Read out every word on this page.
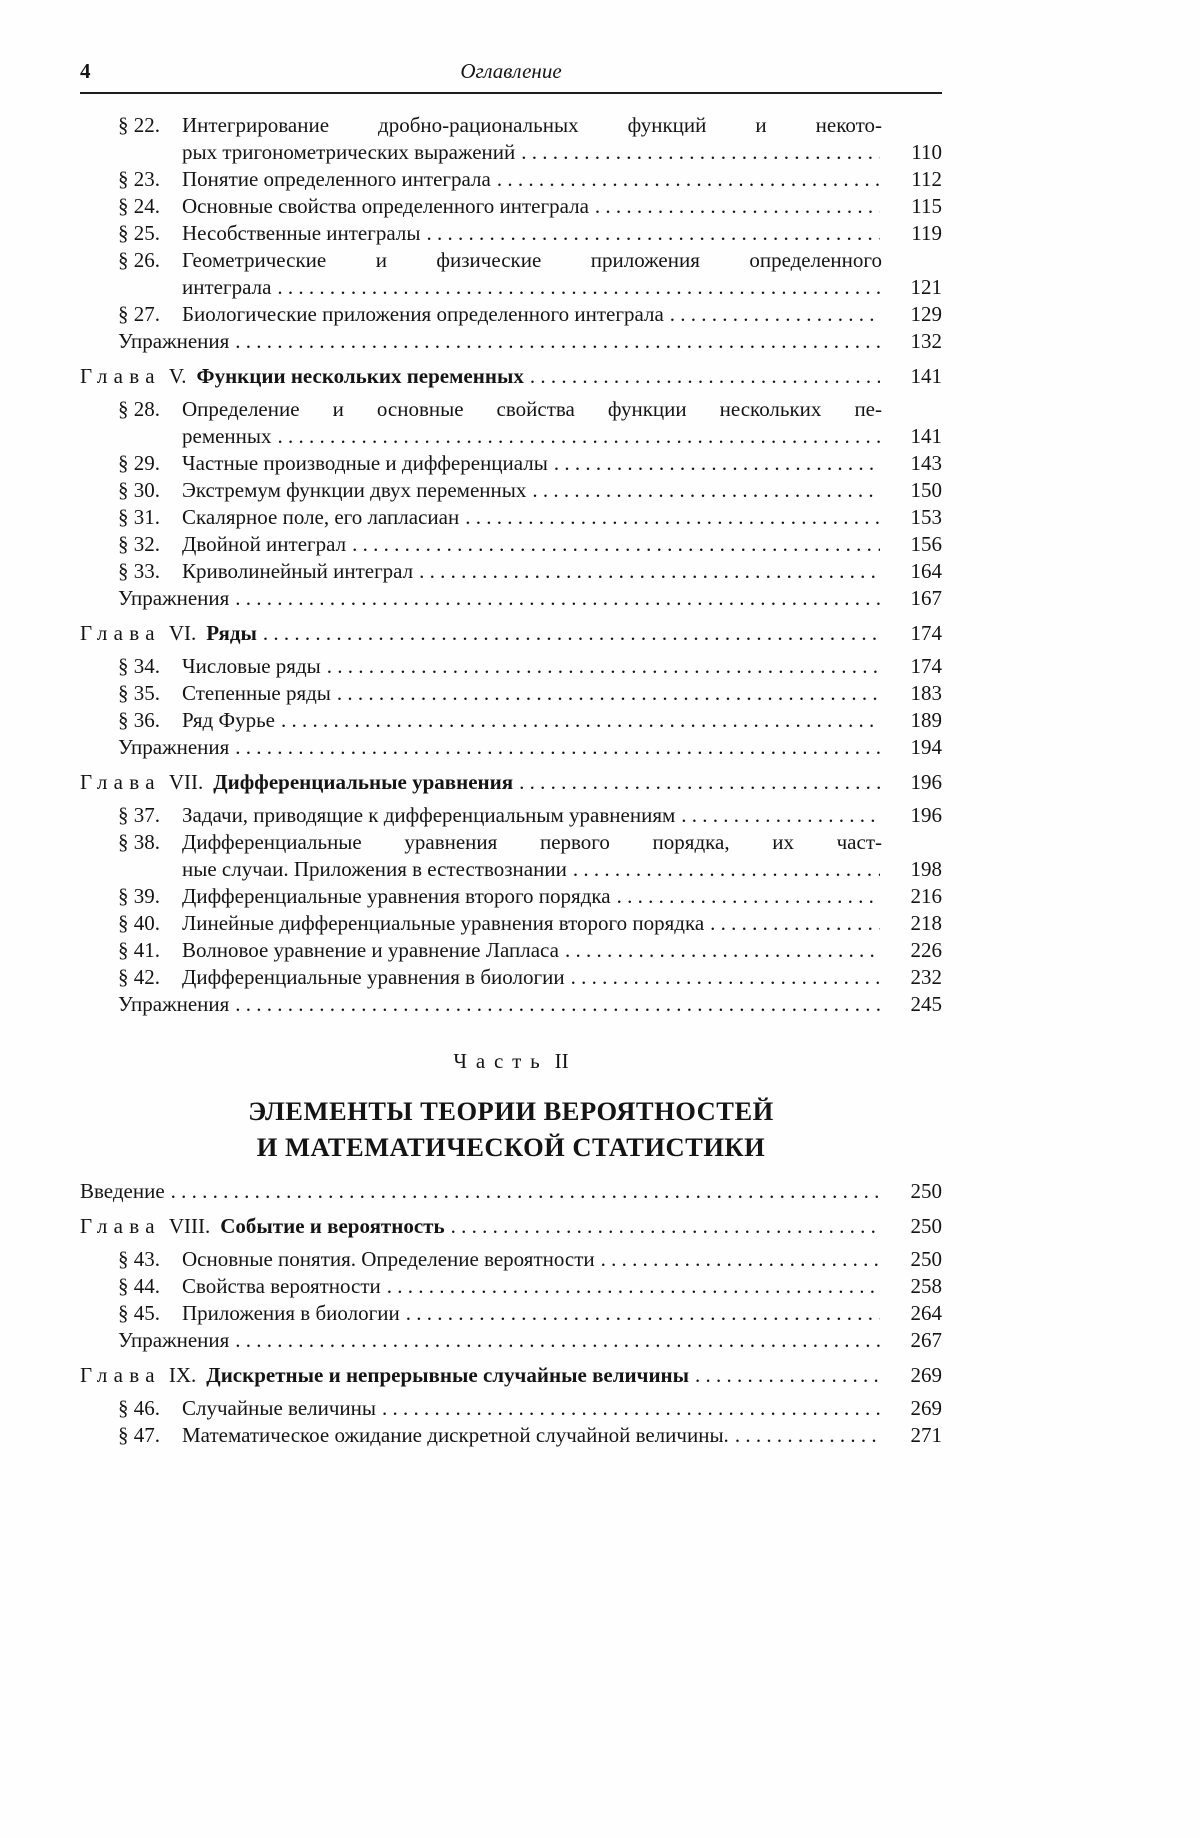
4	Оглавление
§ 22.	Интегрирование дробно-рациональных функций и некото-
рых тригонометрических выражений . . .	110
§ 23.	Понятие определенного интеграла . . .	112
§ 24.	Основные свойства определенного интеграла . . .	115
§ 25.	Несобственные интегралы . . .	119
§ 26.	Геометрические и физические приложения определенного
интеграла . . .	121
§ 27.	Биологические приложения определенного интеграла . . .	129
Упражнения . . .	132
Глава V. Функции нескольких переменных . . .	141
§ 28.	Определение и основные свойства функции нескольких пе-
ременных . . .	141
§ 29.	Частные производные и дифференциалы . . .	143
§ 30.	Экстремум функции двух переменных . . .	150
§ 31.	Скалярное поле, его лапласиан . . .	153
§ 32.	Двойной интеграл . . .	156
§ 33.	Криволинейный интеграл . . .	164
Упражнения . . .	167
Глава VI. Ряды . . .	174
§ 34.	Числовые ряды . . .	174
§ 35.	Степенные ряды . . .	183
§ 36.	Ряд Фурье . . .	189
Упражнения . . .	194
Глава VII. Дифференциальные уравнения . . .	196
§ 37.	Задачи, приводящие к дифференциальным уравнениям . . .	196
§ 38.	Дифференциальные уравнения первого порядка, их част-
ные случаи. Приложения в естествознании . . .	198
§ 39.	Дифференциальные уравнения второго порядка . . .	216
§ 40.	Линейные дифференциальные уравнения второго порядка . . .	218
§ 41.	Волновое уравнение и уравнение Лапласа . . .	226
§ 42.	Дифференциальные уравнения в биологии . . .	232
Упражнения . . .	245
Часть II
ЭЛЕМЕНТЫ ТЕОРИИ ВЕРОЯТНОСТЕЙ
И МАТЕМАТИЧЕСКОЙ СТАТИСТИКИ
Введение . . .	250
Глава VIII. Событие и вероятность . . .	250
§ 43.	Основные понятия. Определение вероятности . . .	250
§ 44.	Свойства вероятности . . .	258
§ 45.	Приложения в биологии . . .	264
Упражнения . . .	267
Глава IX. Дискретные и непрерывные случайные величины . . .	269
§ 46.	Случайные величины . . .	269
§ 47.	Математическое ожидание дискретной случайной величины. . . .	271
